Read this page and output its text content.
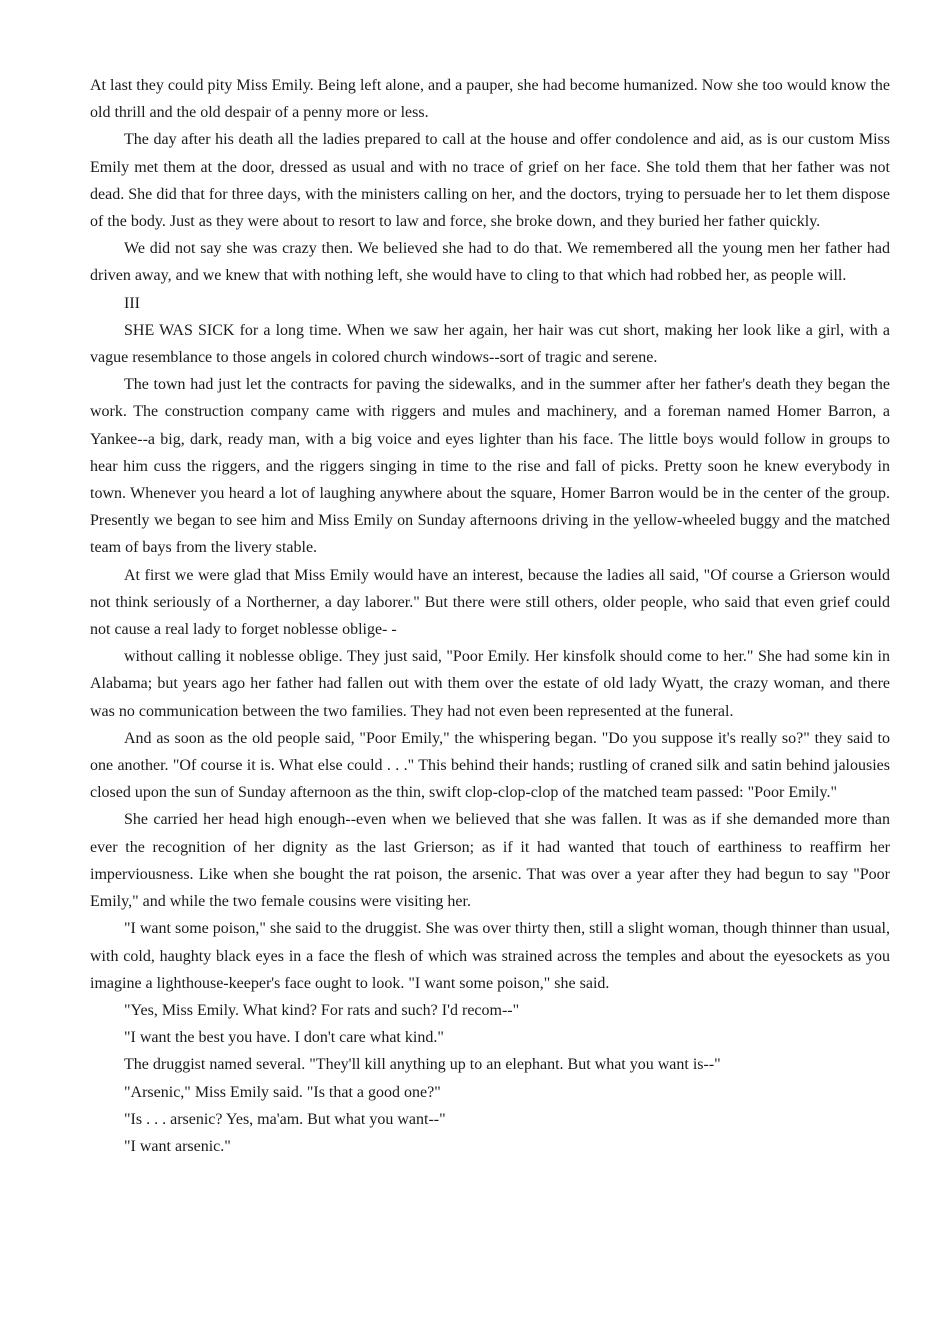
At last they could pity Miss Emily. Being left alone, and a pauper, she had become humanized. Now she too would know the old thrill and the old despair of a penny more or less.

The day after his death all the ladies prepared to call at the house and offer condolence and aid, as is our custom Miss Emily met them at the door, dressed as usual and with no trace of grief on her face. She told them that her father was not dead. She did that for three days, with the ministers calling on her, and the doctors, trying to persuade her to let them dispose of the body. Just as they were about to resort to law and force, she broke down, and they buried her father quickly.

We did not say she was crazy then. We believed she had to do that. We remembered all the young men her father had driven away, and we knew that with nothing left, she would have to cling to that which had robbed her, as people will.

III

SHE WAS SICK for a long time. When we saw her again, her hair was cut short, making her look like a girl, with a vague resemblance to those angels in colored church windows--sort of tragic and serene.

The town had just let the contracts for paving the sidewalks, and in the summer after her father's death they began the work. The construction company came with riggers and mules and machinery, and a foreman named Homer Barron, a Yankee--a big, dark, ready man, with a big voice and eyes lighter than his face. The little boys would follow in groups to hear him cuss the riggers, and the riggers singing in time to the rise and fall of picks. Pretty soon he knew everybody in town. Whenever you heard a lot of laughing anywhere about the square, Homer Barron would be in the center of the group. Presently we began to see him and Miss Emily on Sunday afternoons driving in the yellow-wheeled buggy and the matched team of bays from the livery stable.

At first we were glad that Miss Emily would have an interest, because the ladies all said, "Of course a Grierson would not think seriously of a Northerner, a day laborer." But there were still others, older people, who said that even grief could not cause a real lady to forget noblesse oblige- -

without calling it noblesse oblige. They just said, "Poor Emily. Her kinsfolk should come to her." She had some kin in Alabama; but years ago her father had fallen out with them over the estate of old lady Wyatt, the crazy woman, and there was no communication between the two families. They had not even been represented at the funeral.

And as soon as the old people said, "Poor Emily," the whispering began. "Do you suppose it's really so?" they said to one another. "Of course it is. What else could . . ." This behind their hands; rustling of craned silk and satin behind jalousies closed upon the sun of Sunday afternoon as the thin, swift clop-clop-clop of the matched team passed: "Poor Emily."

She carried her head high enough--even when we believed that she was fallen. It was as if she demanded more than ever the recognition of her dignity as the last Grierson; as if it had wanted that touch of earthiness to reaffirm her imperviousness. Like when she bought the rat poison, the arsenic. That was over a year after they had begun to say "Poor Emily," and while the two female cousins were visiting her.

"I want some poison," she said to the druggist. She was over thirty then, still a slight woman, though thinner than usual, with cold, haughty black eyes in a face the flesh of which was strained across the temples and about the eyesockets as you imagine a lighthouse-keeper's face ought to look. "I want some poison," she said.

"Yes, Miss Emily. What kind? For rats and such? I'd recom--"

"I want the best you have. I don't care what kind."

The druggist named several. "They'll kill anything up to an elephant. But what you want is--"

"Arsenic," Miss Emily said. "Is that a good one?"

"Is . . . arsenic? Yes, ma'am. But what you want--"

"I want arsenic."
